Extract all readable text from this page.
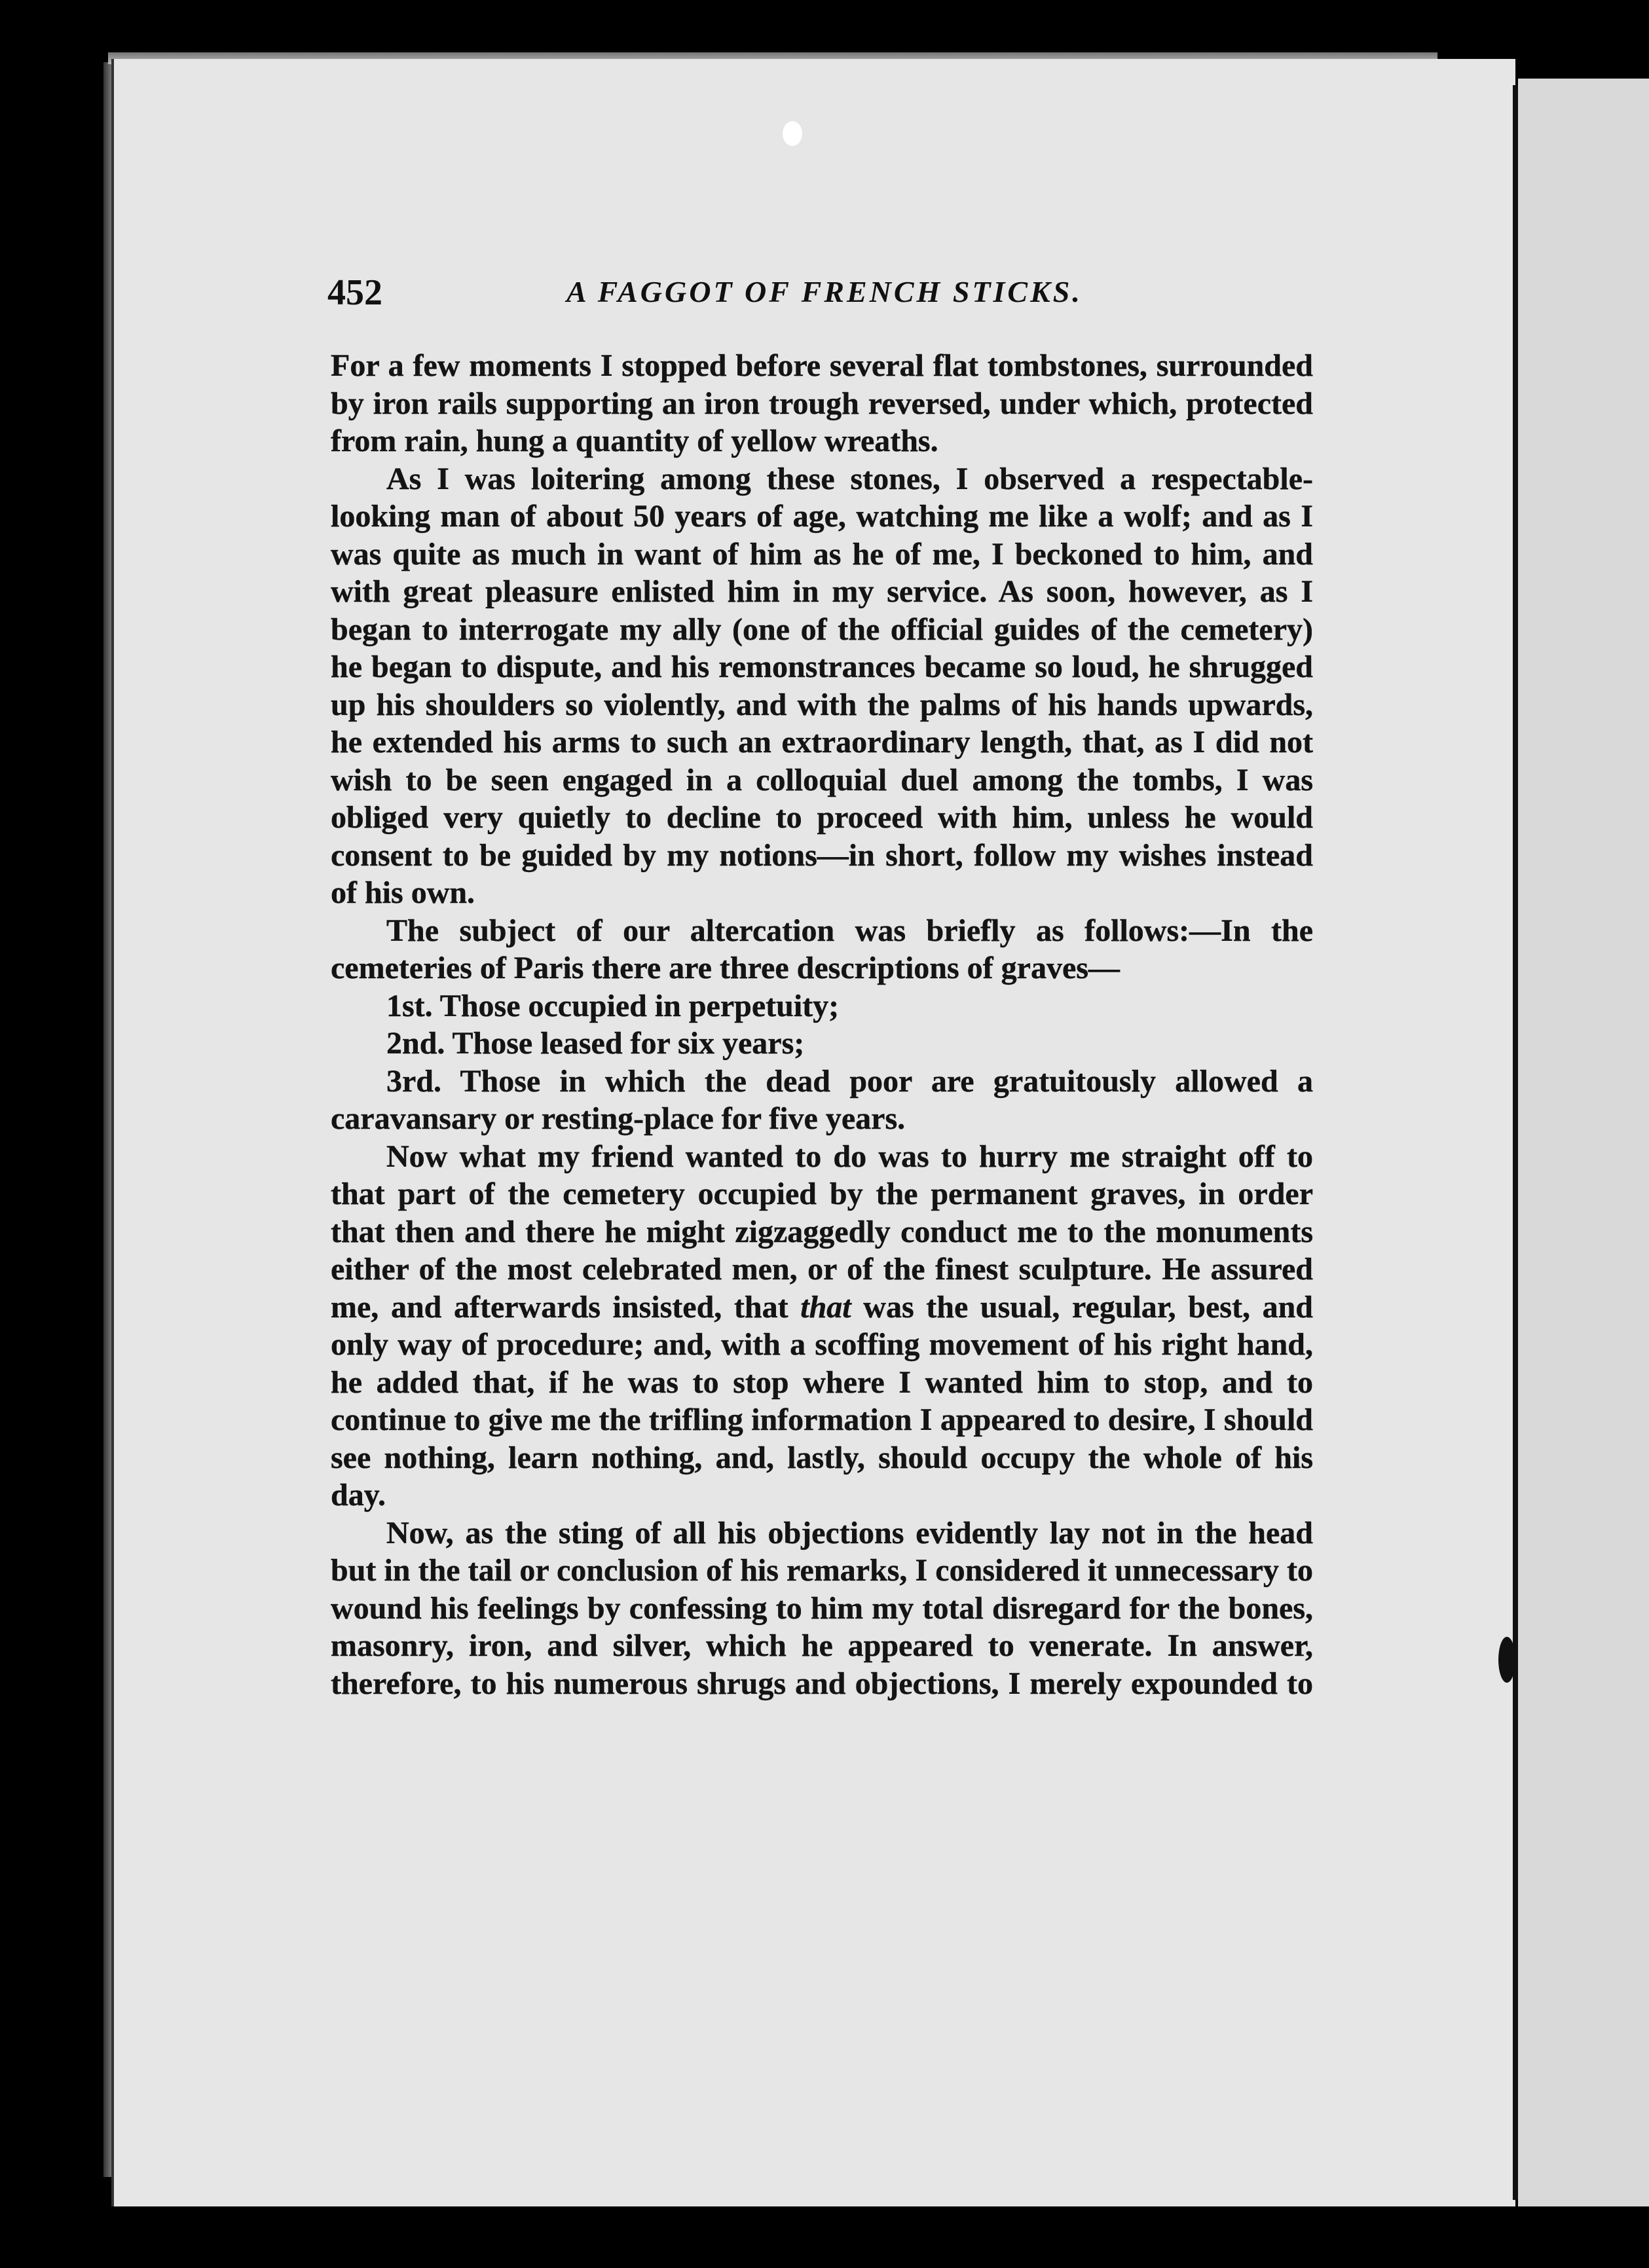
452	A FAGGOT OF FRENCH STICKS.

For a few moments I stopped before several flat tombstones, surrounded by iron rails supporting an iron trough reversed, under which, protected from rain, hung a quantity of yellow wreaths.

As I was loitering among these stones, I observed a respectable-looking man of about 50 years of age, watching me like a wolf; and as I was quite as much in want of him as he of me, I beckoned to him, and with great pleasure enlisted him in my service. As soon, however, as I began to interrogate my ally (one of the official guides of the cemetery) he began to dispute, and his remonstrances became so loud, he shrugged up his shoulders so violently, and with the palms of his hands upwards, he extended his arms to such an extraordinary length, that, as I did not wish to be seen engaged in a colloquial duel among the tombs, I was obliged very quietly to decline to proceed with him, unless he would consent to be guided by my notions—in short, follow my wishes instead of his own.

The subject of our altercation was briefly as follows:—In the cemeteries of Paris there are three descriptions of graves—

1st. Those occupied in perpetuity;

2nd. Those leased for six years;

3rd. Those in which the dead poor are gratuitously allowed a caravansary or resting-place for five years.

Now what my friend wanted to do was to hurry me straight off to that part of the cemetery occupied by the permanent graves, in order that then and there he might zigzaggedly conduct me to the monuments either of the most celebrated men, or of the finest sculpture. He assured me, and afterwards insisted, that that was the usual, regular, best, and only way of procedure; and, with a scoffing movement of his right hand, he added that, if he was to stop where I wanted him to stop, and to continue to give me the trifling information I appeared to desire, I should see nothing, learn nothing, and, lastly, should occupy the whole of his day.

Now, as the sting of all his objections evidently lay not in the head but in the tail or conclusion of his remarks, I considered it unnecessary to wound his feelings by confessing to him my total disregard for the bones, masonry, iron, and silver, which he appeared to venerate. In answer, therefore, to his numerous shrugs and objections, I merely expounded to
